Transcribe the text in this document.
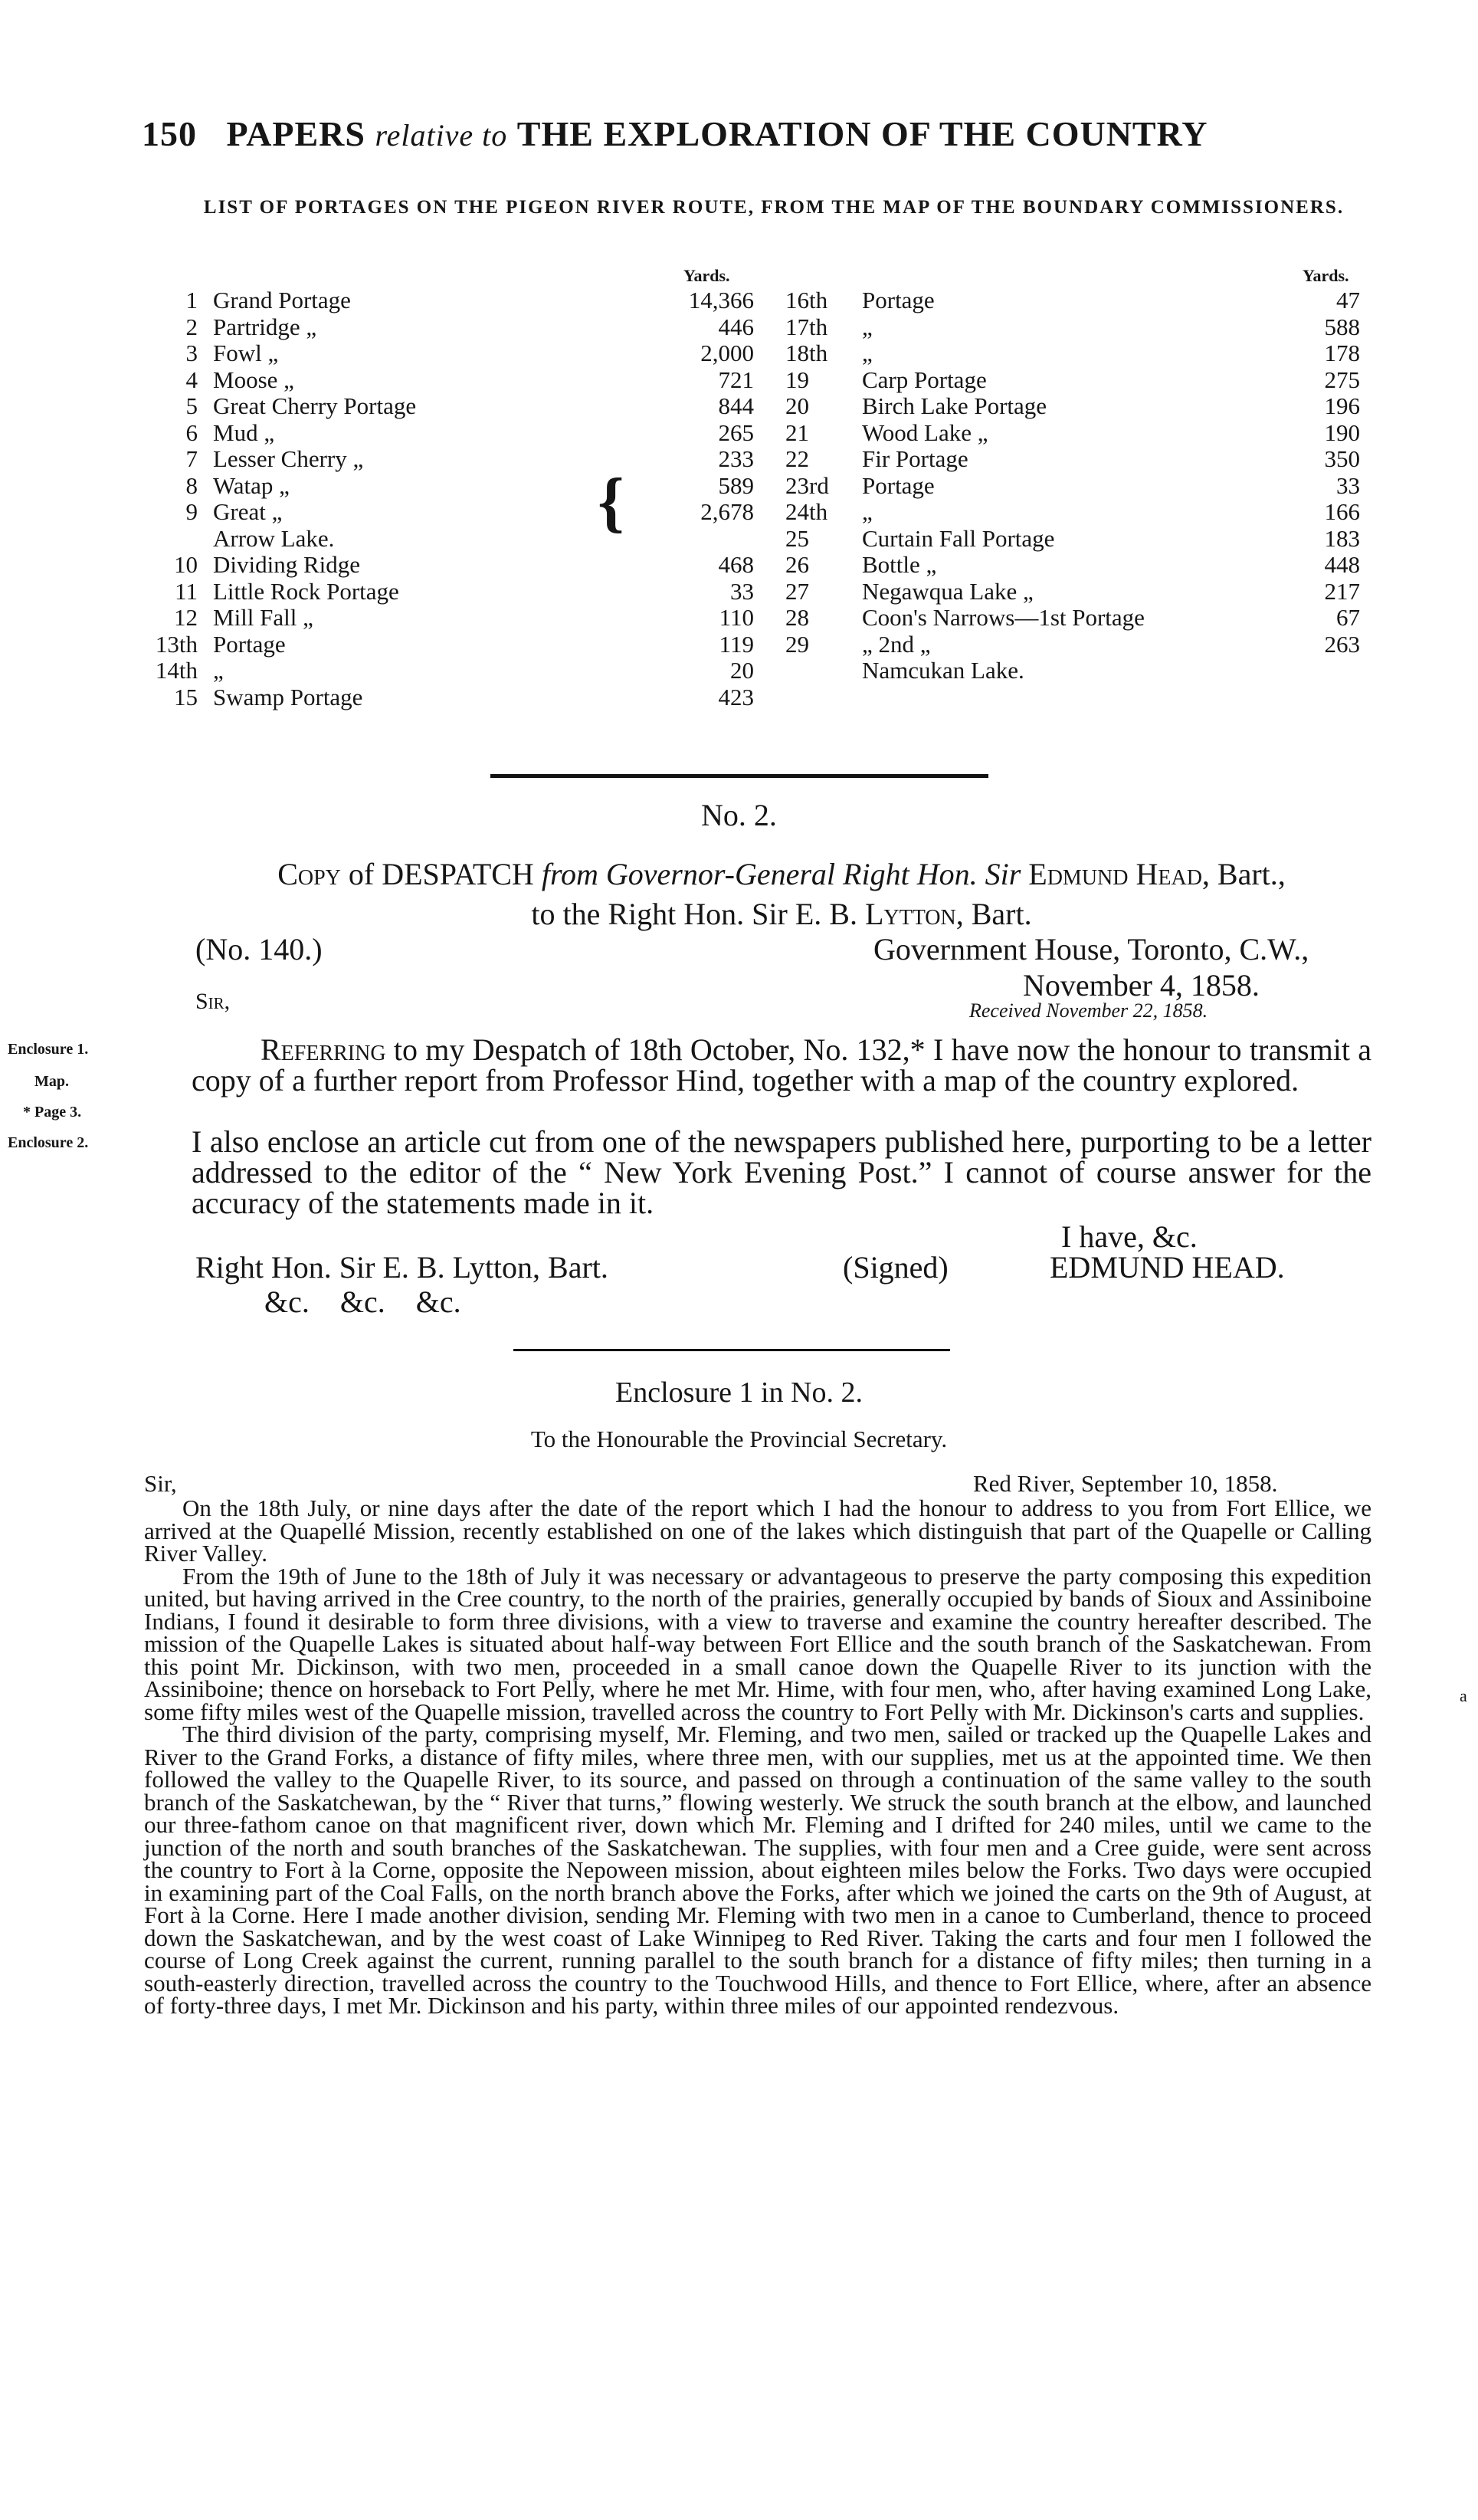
150 PAPERS relative to THE EXPLORATION OF THE COUNTRY
LIST OF PORTAGES ON THE PIGEON RIVER ROUTE, FROM THE MAP OF THE BOUNDARY COMMISSIONERS.
Yards.	Yards.
1 Grand Portage	14,366
2 Partridge „	446
3 Fowl „	2,000
4 Moose „	721
5 Great Cherry Portage	844
6 Mud „	265
7 Lesser Cherry „	233
8 Watap „	589
9 Great „	2,678
Arrow Lake.
10 Dividing Ridge	468
11 Little Rock Portage	33
12 Mill Fall „	110
13th Portage	119
14th „	20
15 Swamp Portage	423
16th	Portage	47
17th	„	588
18th	„	178
19	Carp Portage	275
20	Birch Lake Portage	196
21	Wood Lake „	190
22	Fir Portage	350
23rd	Portage	33
24th	„	166
25	Curtain Fall Portage	183
26	Bottle „	448
27	Negawqua Lake „	217
28	Coon's Narrows—1st Portage	67
29	„ 2nd „	263
Namcukan Lake.
{
No. 2.
Copy of DESPATCH from Governor-General Right Hon. Sir Edmund Head, Bart.,
to the Right Hon. Sir E. B. Lytton, Bart.
(No. 140.)	Government House, Toronto, C.W.,
November 4, 1858.
Sir,	Received November 22, 1858.
Enclosure 1.
Map.
* Page 3.
Enclosure 2.
Referring to my Despatch of 18th October, No. 132,* I have now the honour to transmit a copy of a further report from Professor Hind, together with a map of the country explored.
I also enclose an article cut from one of the newspapers published here, purporting to be a letter addressed to the editor of the “ New York Evening Post.” I cannot of course answer for the accuracy of the statements made in it.
I have, &c.
Right Hon. Sir E. B. Lytton, Bart.	(Signed)	EDMUND HEAD.
&c. &c. &c.
Enclosure 1 in No. 2.
To the Honourable the Provincial Secretary.
Sir,	Red River, September 10, 1858.

On the 18th July, or nine days after the date of the report which I had the honour to address to you from Fort Ellice, we arrived at the Quapellé Mission, recently established on one of the lakes which distinguish that part of the Quapelle or Calling River Valley.

From the 19th of June to the 18th of July it was necessary or advantageous to preserve the party composing this expedition united, but having arrived in the Cree country, to the north of the prairies, generally occupied by bands of Sioux and Assiniboine Indians, I found it desirable to form three divisions, with a view to traverse and examine the country hereafter described. The mission of the Quapelle Lakes is situated about half-way between Fort Ellice and the south branch of the Saskatchewan. From this point Mr. Dickinson, with two men, proceeded in a small canoe down the Quapelle River to its junction with the Assiniboine; thence on horseback to Fort Pelly, where he met Mr. Hime, with four men, who, after having examined Long Lake, some fifty miles west of the Quapelle mission, travelled across the country to Fort Pelly with Mr. Dickinson's carts and supplies.

The third division of the party, comprising myself, Mr. Fleming, and two men, sailed or tracked up the Quapelle Lakes and River to the Grand Forks, a distance of fifty miles, where three men, with our supplies, met us at the appointed time. We then followed the valley to the Quapelle River, to its source, and passed on through a continuation of the same valley to the south branch of the Saskatchewan, by the “ River that turns,” flowing westerly. We struck the south branch at the elbow, and launched our three-fathom canoe on that magnificent river, down which Mr. Fleming and I drifted for 240 miles, until we came to the junction of the north and south branches of the Saskatchewan. The supplies, with four men and a Cree guide, were sent across the country to Fort à la Corne, opposite the Nepoween mission, about eighteen miles below the Forks. Two days were occupied in examining part of the Coal Falls, on the north branch above the Forks, after which we joined the carts on the 9th of August, at Fort à la Corne. Here I made another division, sending Mr. Fleming with two men in a canoe to Cumberland, thence to proceed down the Saskatchewan, and by the west coast of Lake Winnipeg to Red River. Taking the carts and four men I followed the course of Long Creek against the current, running parallel to the south branch for a distance of fifty miles; then turning in a south-easterly direction, travelled across the country to the Touchwood Hills, and thence to Fort Ellice, where, after an absence of forty-three days, I met Mr. Dickinson and his party, within three miles of our appointed rendezvous.

a
